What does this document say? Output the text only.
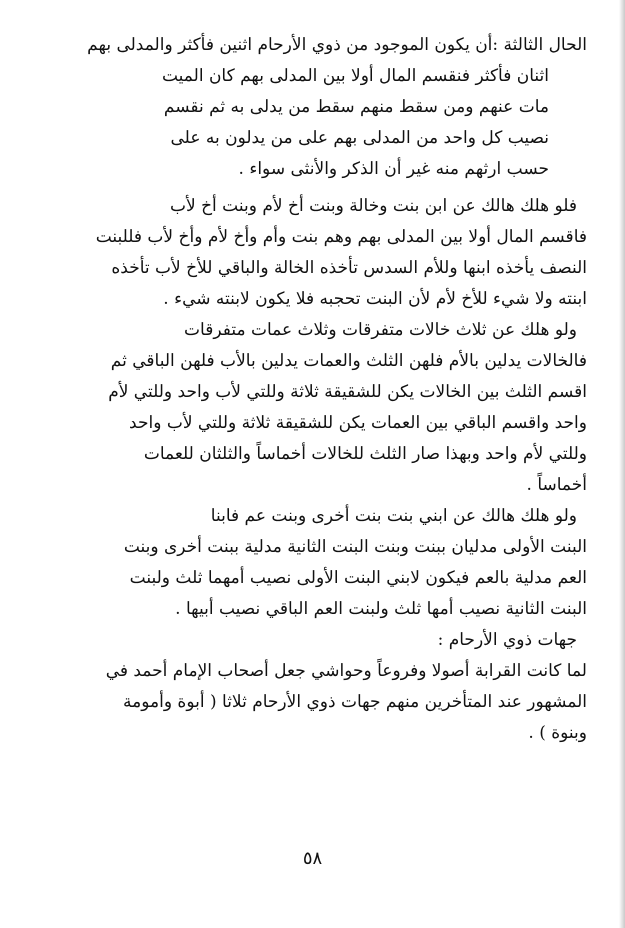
الحال الثالثة :أن يكون الموجود من ذوي الأرحام اثنين فأكثر والمدلى بهم
اثنان فأكثر فنقسم المال أولا بين المدلى بهم كان الميت
مات عنهم ومن سقط منهم سقط من يدلى به ثم نقسم
نصيب كل واحد من المدلى بهم على من يدلون به على
حسب ارثهم منه غير أن الذكر والأنثى سواء .
فلو هلك هالك عن ابن بنت وخالة وبنت أخ لأم وبنت أخ لأب
فاقسم المال أولا بين المدلى بهم وهم بنت وأم وأخ لأم وأخ لأب فللبنت
النصف يأخذه ابنها وللأم السدس تأخذه الخالة والباقي للأخ لأب تأخذه
ابنته ولا شيء للأخ لأم لأن البنت تحجبه فلا يكون لابنته شيء .
ولو هلك عن ثلاث خالات متفرقات وثلاث عمات متفرقات
فالخالات يدلين بالأم فلهن الثلث والعمات يدلين بالأب فلهن الباقي ثم
اقسم الثلث بين الخالات يكن للشقيقة ثلاثة وللتي لأب واحد وللتي لأم
واحد واقسم الباقي بين العمات يكن للشقيقة ثلاثة وللتي لأب واحد
وللتي لأم واحد وبهذا صار الثلث للخالات أخماساً والثلثان للعمات
أخماساً .
ولو هلك هالك عن ابني بنت بنت أخرى وبنت عم فابنا
البنت الأولى مدليان ببنت وبنت البنت الثانية مدلية ببنت أخرى وبنت
العم مدلية بالعم فيكون لابني البنت الأولى نصيب أمهما ثلث ولبنت
البنت الثانية نصيب أمها ثلث ولبنت العم الباقي نصيب أبيها .
جهات ذوي الأرحام :
لما كانت القرابة أصولا وفروعاً وحواشي جعل أصحاب الإمام أحمد في
المشهور عند المتأخرين منهم جهات ذوي الأرحام ثلاثا ( أبوة وأمومة
وبنوة ) .
٥٨
